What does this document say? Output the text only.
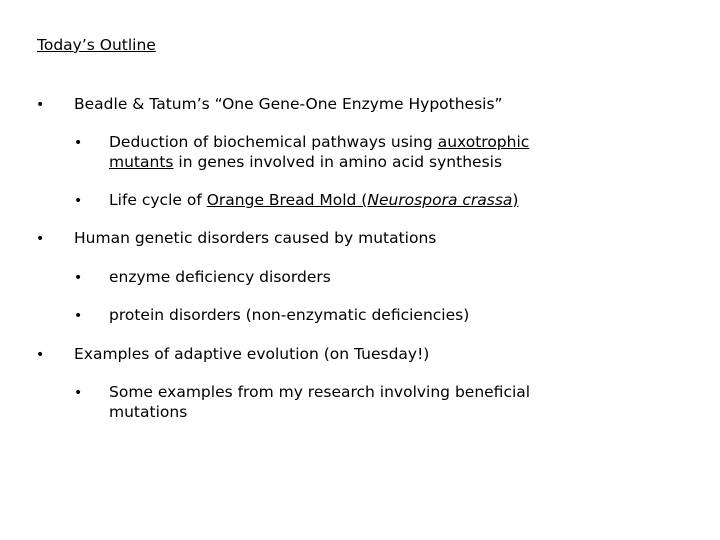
Today’s Outline
• Beadle & Tatum’s “One Gene-One Enzyme Hypothesis”
• Deduction of biochemical pathways using auxotrophic
mutants in genes involved in amino acid synthesis
• Life cycle of Orange Bread Mold (Neurospora crassa)
• Human genetic disorders caused by mutations
• enzyme deficiency disorders
• protein disorders (non-enzymatic deficiencies)
• Examples of adaptive evolution (on Tuesday!)
• Some examples from my research involving beneficial
mutations
